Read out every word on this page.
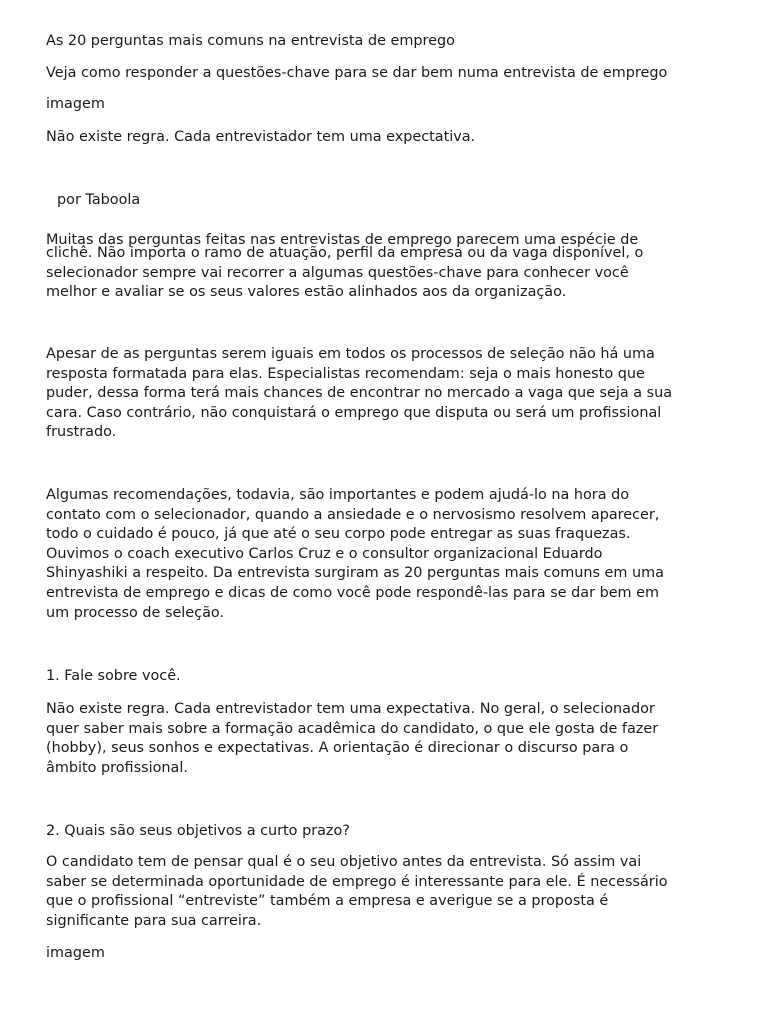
As 20 perguntas mais comuns na entrevista de emprego

Veja como responder a questões-chave para se dar bem numa entrevista de emprego

imagem

Não existe regra. Cada entrevistador tem uma expectativa.

por Taboola

Muitas das perguntas feitas nas entrevistas de emprego parecem uma espécie de

clichê. Não importa o ramo de atuação, perfil da empresa ou da vaga disponível, o
selecionador sempre vai recorrer a algumas questões-chave para conhecer você
melhor e avaliar se os seus valores estão alinhados aos da organização.
Apesar de as perguntas serem iguais em todos os processos de seleção não há uma
resposta formatada para elas. Especialistas recomendam: seja o mais honesto que
puder, dessa forma terá mais chances de encontrar no mercado a vaga que seja a sua
cara. Caso contrário, não conquistará o emprego que disputa ou será um profissional
frustrado.
Algumas recomendações, todavia, são importantes e podem ajudá-lo na hora do
contato com o selecionador, quando a ansiedade e o nervosismo resolvem aparecer,
todo o cuidado é pouco, já que até o seu corpo pode entregar as suas fraquezas.
Ouvimos o coach executivo Carlos Cruz e o consultor organizacional Eduardo
Shinyashiki a respeito. Da entrevista surgiram as 20 perguntas mais comuns em uma
entrevista de emprego e dicas de como você pode respondê-las para se dar bem em
um processo de seleção.
1. Fale sobre você.
Não existe regra. Cada entrevistador tem uma expectativa. No geral, o selecionador
quer saber mais sobre a formação acadêmica do candidato, o que ele gosta de fazer
(hobby), seus sonhos e expectativas. A orientação é direcionar o discurso para o
âmbito profissional.
2. Quais são seus objetivos a curto prazo?
O candidato tem de pensar qual é o seu objetivo antes da entrevista. Só assim vai
saber se determinada oportunidade de emprego é interessante para ele. É necessário
que o profissional “entreviste” também a empresa e averigue se a proposta é
significante para sua carreira.

imagem
